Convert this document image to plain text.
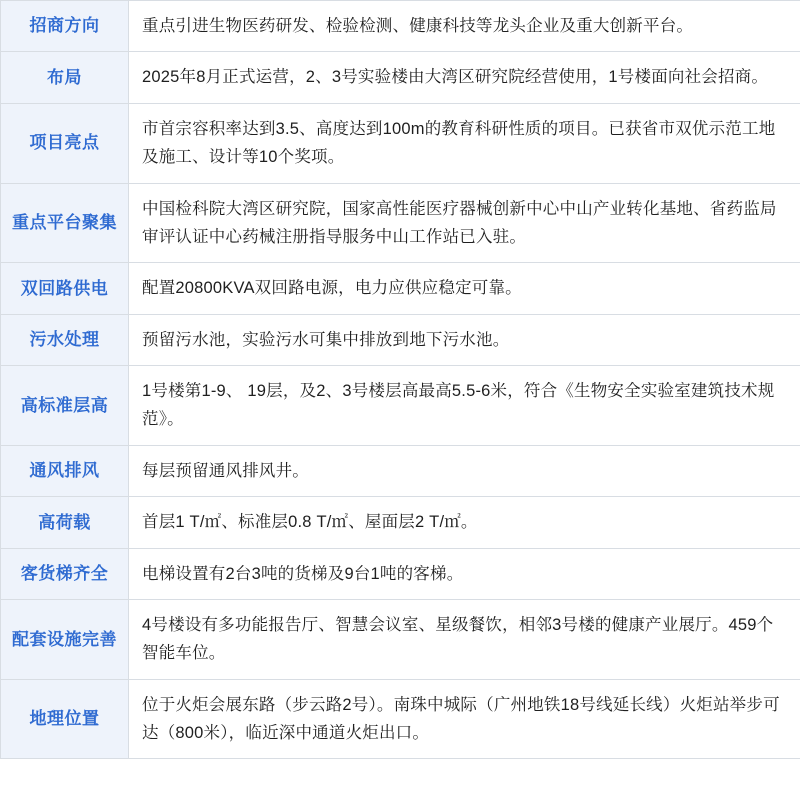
招商方向	重点引进生物医药研发、检验检测、健康科技等龙头企业及重大创新平台。
布局	2025年8月正式运营，2、3号实验楼由大湾区研究院经营使用，1号楼面向社会招商。
项目亮点	市首宗容积率达到3.5、高度达到100m的教育科研性质的项目。已获省市双优示范工地及施工、设计等10个奖项。
重点平台聚集	中国检科院大湾区研究院，国家高性能医疗器械创新中心中山产业转化基地、省药监局审评认证中心药械注册指导服务中山工作站已入驻。
双回路供电	配置20800KVA双回路电源，电力应供应稳定可靠。
污水处理	预留污水池，实验污水可集中排放到地下污水池。
高标准层高	1号楼第1-9、 19层，及2、3号楼层高最高5.5-6米，符合《生物安全实验室建筑技术规范》。
通风排风	每层预留通风排风井。
高荷载	首层1 T/㎡、标准层0.8 T/㎡、屋面层2 T/㎡。
客货梯齐全	电梯设置有2台3吨的货梯及9台1吨的客梯。
配套设施完善	4号楼设有多功能报告厅、智慧会议室、星级餐饮，相邻3号楼的健康产业展厅。459个智能车位。
地理位置	位于火炬会展东路（步云路2号）。南珠中城际（广州地铁18号线延长线）火炬站举步可达（800米），临近深中通道火炬出口。
